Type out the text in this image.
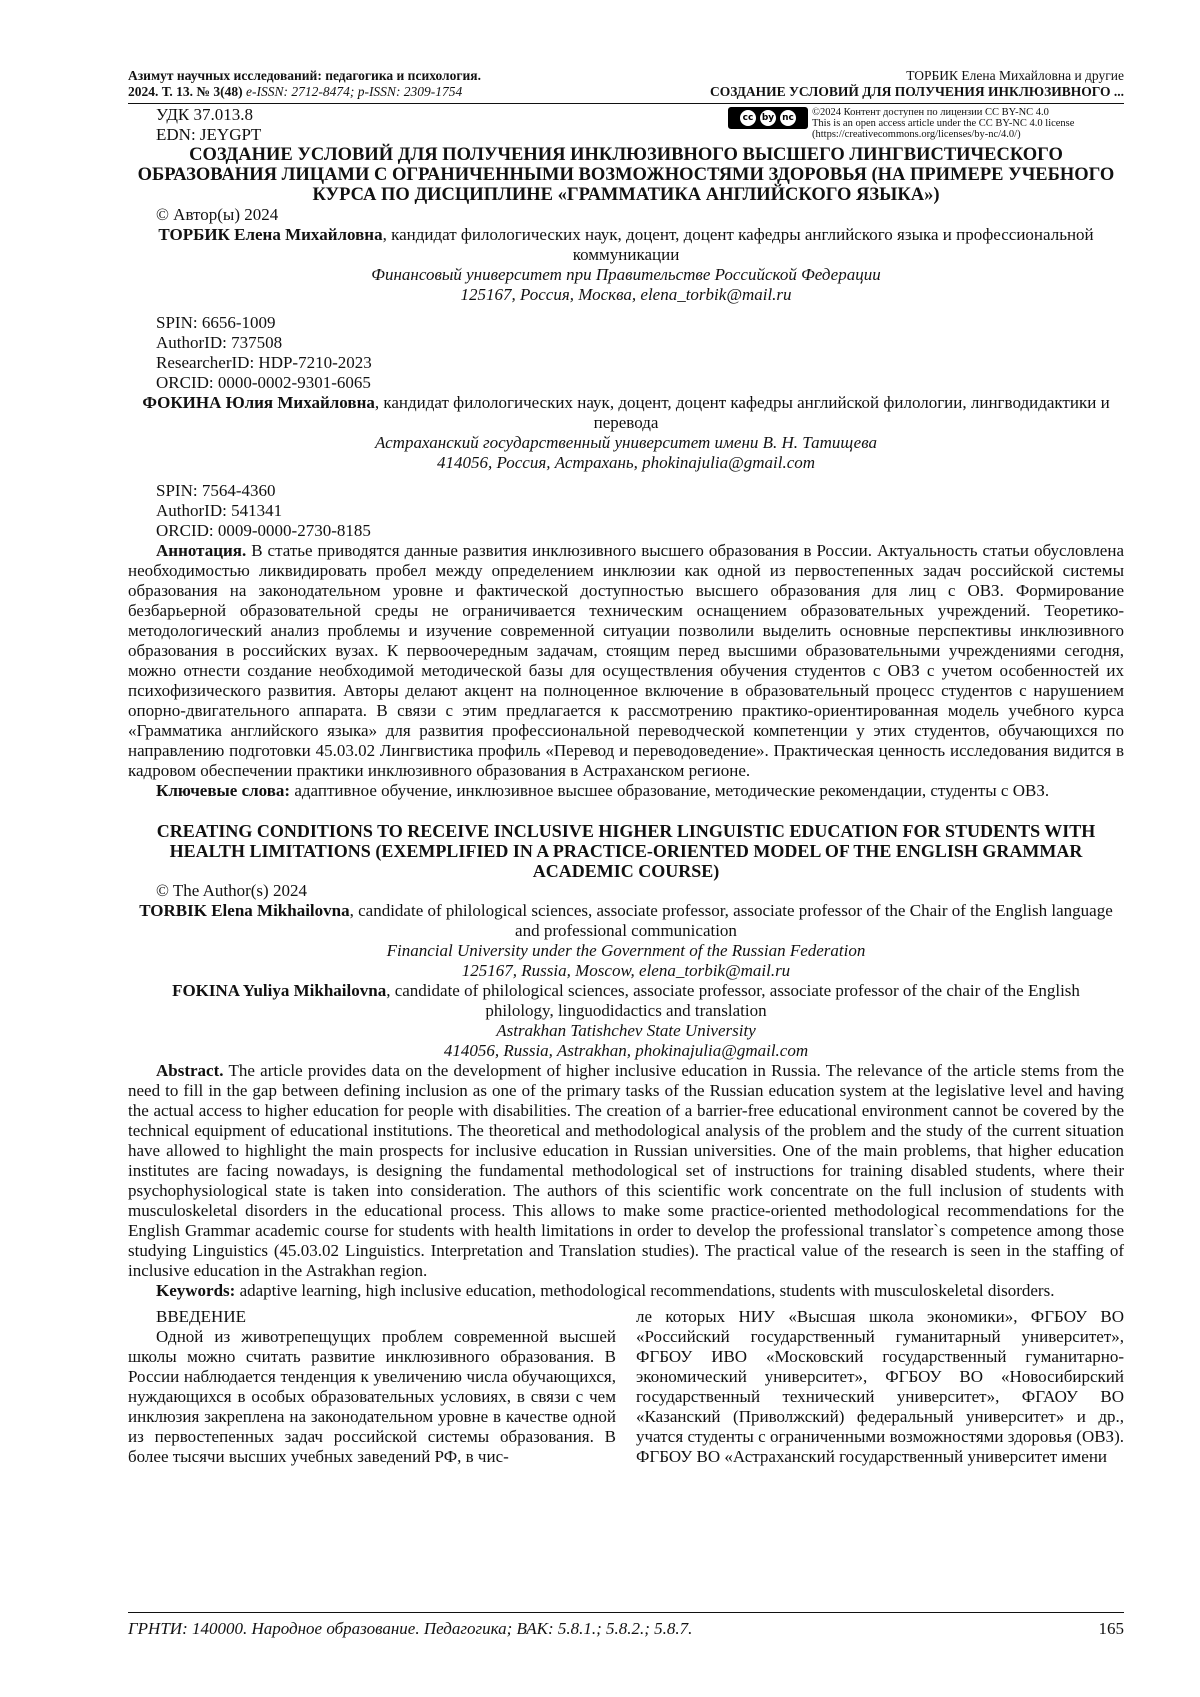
Азимут научных исследований: педагогика и психология.
2024. Т. 13. № 3(48) e-ISSN: 2712-8474; p-ISSN: 2309-1754
ТОРБИК Елена Михайловна и другие
СОЗДАНИЕ УСЛОВИЙ ДЛЯ ПОЛУЧЕНИЯ ИНКЛЮЗИВНОГО ...
УДК 37.013.8
EDN: JEYGPT
cc by nc ©2024 Контент доступен по лицензии CC BY-NC 4.0
This is an open access article under the CC BY-NC 4.0 license
(https://creativecommons.org/licenses/by-nc/4.0/)
СОЗДАНИЕ УСЛОВИЙ ДЛЯ ПОЛУЧЕНИЯ ИНКЛЮЗИВНОГО ВЫСШЕГО ЛИНГВИСТИЧЕСКОГО ОБРАЗОВАНИЯ ЛИЦАМИ С ОГРАНИЧЕННЫМИ ВОЗМОЖНОСТЯМИ ЗДОРОВЬЯ (НА ПРИМЕРЕ УЧЕБНОГО КУРСА ПО ДИСЦИПЛИНЕ «ГРАММАТИКА АНГЛИЙСКОГО ЯЗЫКА»)
© Автор(ы) 2024
ТОРБИК Елена Михайловна, кандидат филологических наук, доцент, доцент кафедры английского языка и профессиональной коммуникации
Финансовый университет при Правительстве Российской Федерации
125167, Россия, Москва, elena_torbik@mail.ru
SPIN: 6656-1009
AuthorID: 737508
ResearcherID: HDP-7210-2023
ORCID: 0000-0002-9301-6065
ФОКИНА Юлия Михайловна, кандидат филологических наук, доцент, доцент кафедры английской филологии, лингводидактики и перевода
Астраханский государственный университет имени В. Н. Татищева
414056, Россия, Астрахань, phokinajulia@gmail.com
SPIN: 7564-4360
AuthorID: 541341
ORCID: 0009-0000-2730-8185
Аннотация. В статье приводятся данные развития инклюзивного высшего образования в России. Актуальность статьи обусловлена необходимостью ликвидировать пробел между определением инклюзии как одной из первостепенных задач российской системы образования на законодательном уровне и фактической доступностью высшего образования для лиц с ОВЗ. Формирование безбарьерной образовательной среды не ограничивается техническим оснащением образовательных учреждений. Теоретико-методологический анализ проблемы и изучение современной ситуации позволили выделить основные перспективы инклюзивного образования в российских вузах. К первоочередным задачам, стоящим перед высшими образовательными учреждениями сегодня, можно отнести создание необходимой методической базы для осуществления обучения студентов с ОВЗ с учетом особенностей их психофизического развития. Авторы делают акцент на полноценное включение в образовательный процесс студентов с нарушением опорно-двигательного аппарата. В связи с этим предлагается к рассмотрению практико-ориентированная модель учебного курса «Грамматика английского языка» для развития профессиональной переводческой компетенции у этих студентов, обучающихся по направлению подготовки 45.03.02 Лингвистика профиль «Перевод и переводоведение». Практическая ценность исследования видится в кадровом обеспечении практики инклюзивного образования в Астраханском регионе.
Ключевые слова: адаптивное обучение, инклюзивное высшее образование, методические рекомендации, студенты с ОВЗ.
CREATING CONDITIONS TO RECEIVE INCLUSIVE HIGHER LINGUISTIC EDUCATION FOR STUDENTS WITH HEALTH LIMITATIONS (EXEMPLIFIED IN A PRACTICE-ORIENTED MODEL OF THE ENGLISH GRAMMAR ACADEMIC COURSE)
© The Author(s) 2024
TORBIK Elena Mikhailovna, candidate of philological sciences, associate professor, associate professor of the Chair of the English language and professional communication
Financial University under the Government of the Russian Federation
125167, Russia, Moscow, elena_torbik@mail.ru
FOKINA Yuliya Mikhailovna, candidate of philological sciences, associate professor, associate professor of the chair of the English philology, linguodidactics and translation
Astrakhan Tatishchev State University
414056, Russia, Astrakhan, phokinajulia@gmail.com
Abstract. The article provides data on the development of higher inclusive education in Russia. The relevance of the article stems from the need to fill in the gap between defining inclusion as one of the primary tasks of the Russian education system at the legislative level and having the actual access to higher education for people with disabilities. The creation of a barrier-free educational environment cannot be covered by the technical equipment of educational institutions. The theoretical and methodological analysis of the problem and the study of the current situation have allowed to highlight the main prospects for inclusive education in Russian universities. One of the main problems, that higher education institutes are facing nowadays, is designing the fundamental methodological set of instructions for training disabled students, where their psychophysiological state is taken into consideration. The authors of this scientific work concentrate on the full inclusion of students with musculoskeletal disorders in the educational process. This allows to make some practice-oriented methodological recommendations for the English Grammar academic course for students with health limitations in order to develop the professional translator`s competence among those studying Linguistics (45.03.02 Linguistics. Interpretation and Translation studies). The practical value of the research is seen in the staffing of inclusive education in the Astrakhan region.
Keywords: adaptive learning, high inclusive education, methodological recommendations, students with musculoskeletal disorders.
ВВЕДЕНИЕ
Одной из животрепещущих проблем современной высшей школы можно считать развитие инклюзивного образования. В России наблюдается тенденция к увеличению числа обучающихся, нуждающихся в особых образовательных условиях, в связи с чем инклюзия закреплена на законодательном уровне в качестве одной из первостепенных задач российской системы образования. В более тысячи высших учебных заведений РФ, в чис-
ле которых НИУ «Высшая школа экономики», ФГБОУ ВО «Российский государственный гуманитарный университет», ФГБОУ ИВО «Московский государственный гуманитарно-экономический университет», ФГБОУ ВО «Новосибирский государственный технический университет», ФГАОУ ВО «Казанский (Приволжский) федеральный университет» и др., учатся студенты с ограниченными возможностями здоровья (ОВЗ). ФГБОУ ВО «Астраханский государственный университет имени
ГРНТИ: 140000. Народное образование. Педагогика; ВАК: 5.8.1.; 5.8.2.; 5.8.7.	165
